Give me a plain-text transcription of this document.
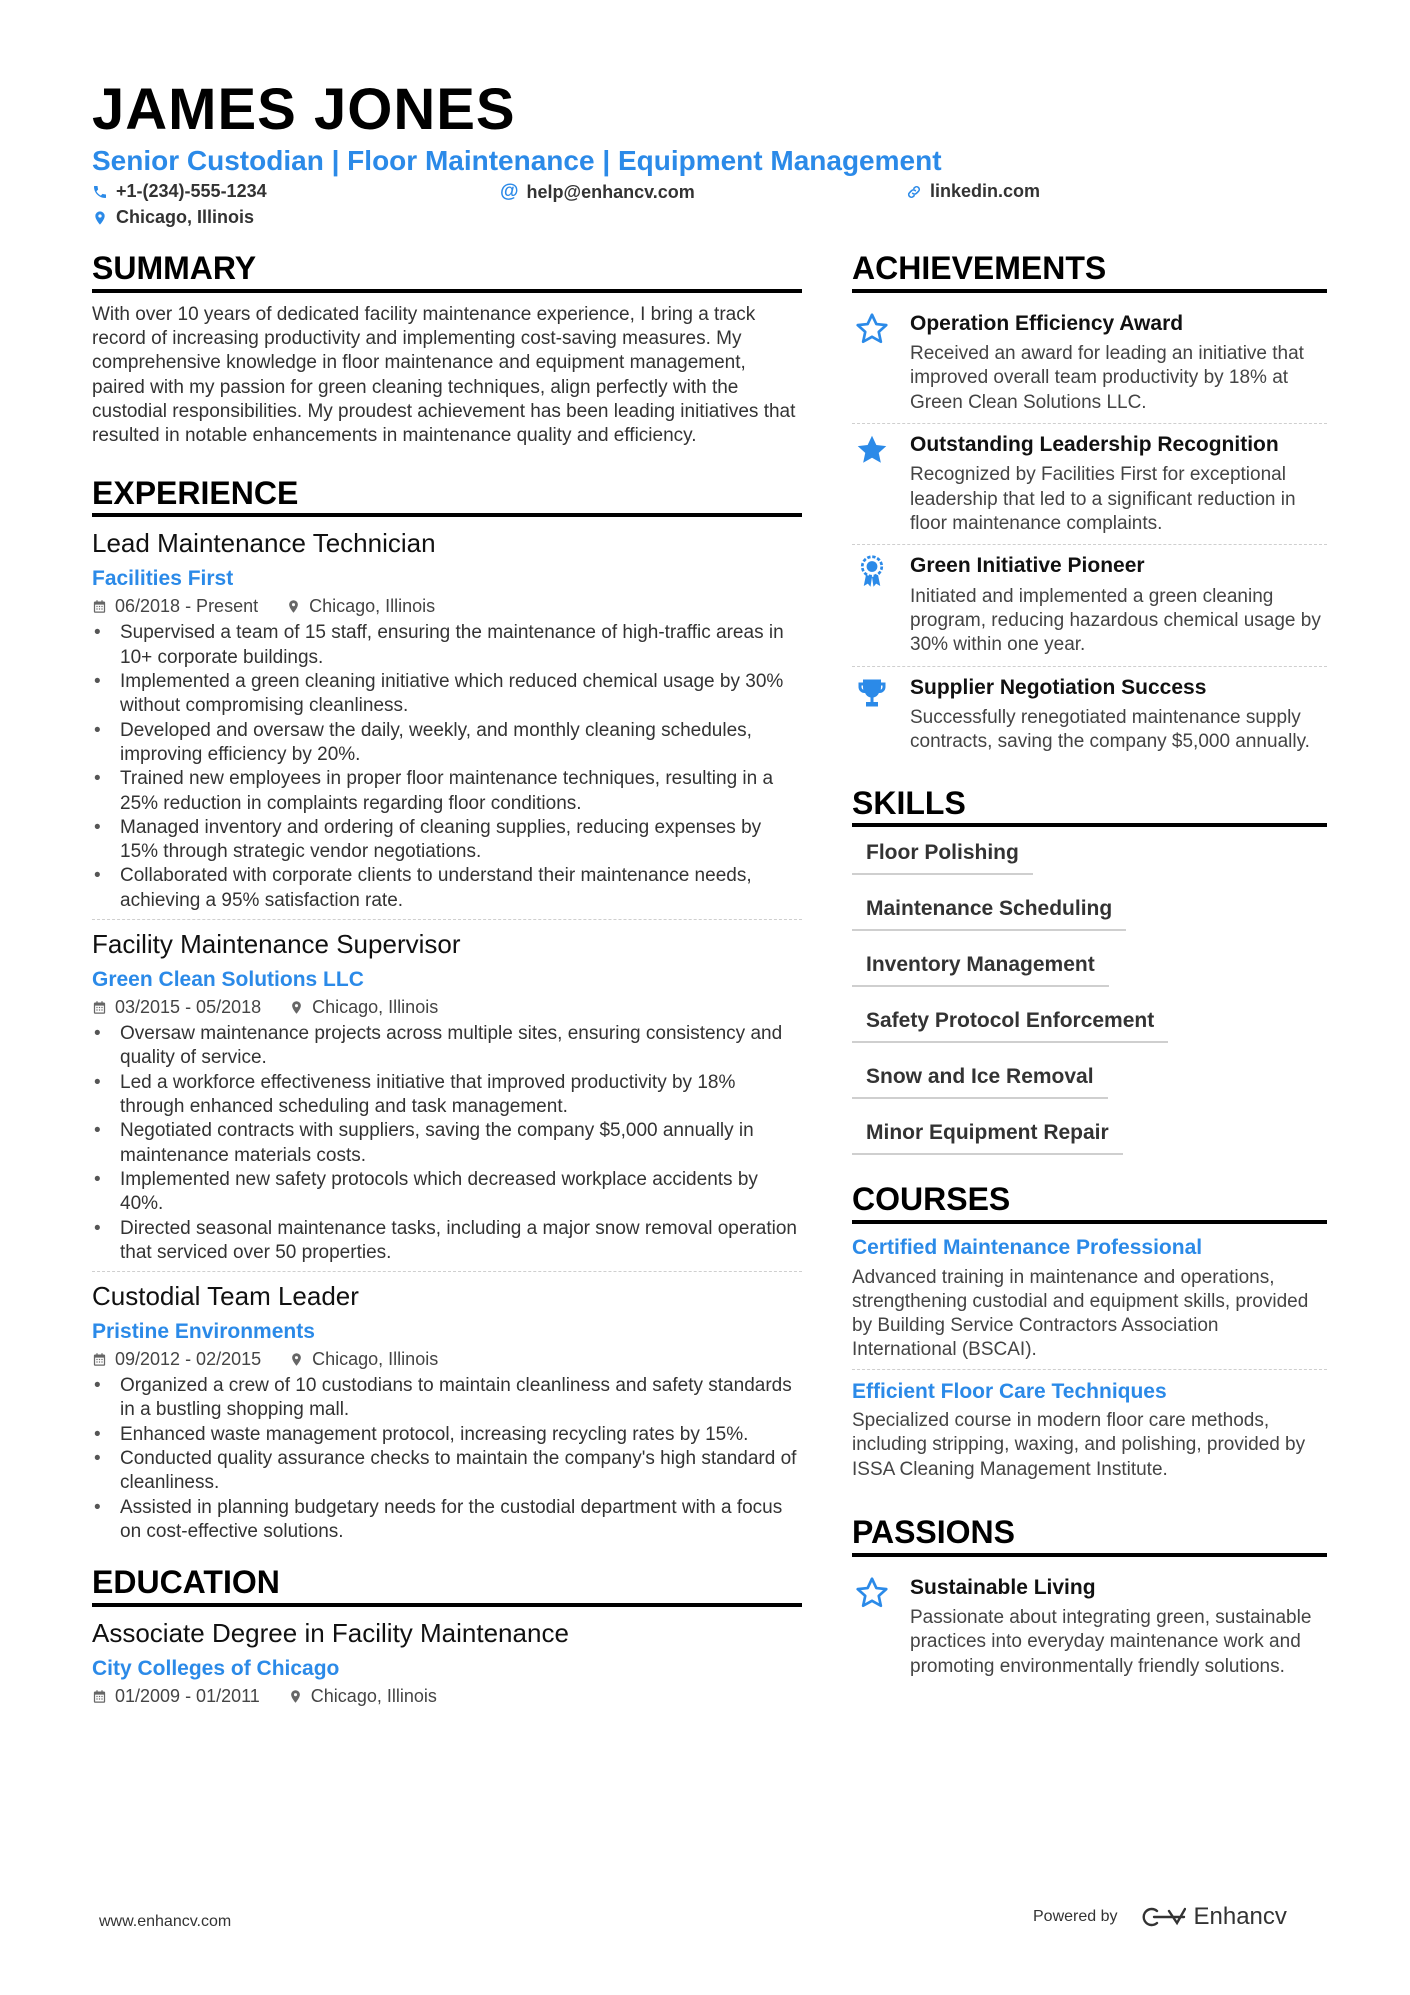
JAMES JONES
Senior Custodian | Floor Maintenance | Equipment Management
+1-(234)-555-1234	@ help@enhancv.com	linkedin.com
Chicago, Illinois
SUMMARY
With over 10 years of dedicated facility maintenance experience, I bring a track record of increasing productivity and implementing cost-saving measures. My comprehensive knowledge in floor maintenance and equipment management, paired with my passion for green cleaning techniques, align perfectly with the custodial responsibilities. My proudest achievement has been leading initiatives that resulted in notable enhancements in maintenance quality and efficiency.
EXPERIENCE
Lead Maintenance Technician
Facilities First
06/2018 - Present	Chicago, Illinois
• Supervised a team of 15 staff, ensuring the maintenance of high-traffic areas in 10+ corporate buildings.
• Implemented a green cleaning initiative which reduced chemical usage by 30% without compromising cleanliness.
• Developed and oversaw the daily, weekly, and monthly cleaning schedules, improving efficiency by 20%.
• Trained new employees in proper floor maintenance techniques, resulting in a 25% reduction in complaints regarding floor conditions.
• Managed inventory and ordering of cleaning supplies, reducing expenses by 15% through strategic vendor negotiations.
• Collaborated with corporate clients to understand their maintenance needs, achieving a 95% satisfaction rate.
Facility Maintenance Supervisor
Green Clean Solutions LLC
03/2015 - 05/2018	Chicago, Illinois
• Oversaw maintenance projects across multiple sites, ensuring consistency and quality of service.
• Led a workforce effectiveness initiative that improved productivity by 18% through enhanced scheduling and task management.
• Negotiated contracts with suppliers, saving the company $5,000 annually in maintenance materials costs.
• Implemented new safety protocols which decreased workplace accidents by 40%.
• Directed seasonal maintenance tasks, including a major snow removal operation that serviced over 50 properties.
Custodial Team Leader
Pristine Environments
09/2012 - 02/2015	Chicago, Illinois
• Organized a crew of 10 custodians to maintain cleanliness and safety standards in a bustling shopping mall.
• Enhanced waste management protocol, increasing recycling rates by 15%.
• Conducted quality assurance checks to maintain the company's high standard of cleanliness.
• Assisted in planning budgetary needs for the custodial department with a focus on cost-effective solutions.
EDUCATION
Associate Degree in Facility Maintenance
City Colleges of Chicago
01/2009 - 01/2011	Chicago, Illinois
ACHIEVEMENTS
Operation Efficiency Award
Received an award for leading an initiative that improved overall team productivity by 18% at Green Clean Solutions LLC.
Outstanding Leadership Recognition
Recognized by Facilities First for exceptional leadership that led to a significant reduction in floor maintenance complaints.
Green Initiative Pioneer
Initiated and implemented a green cleaning program, reducing hazardous chemical usage by 30% within one year.
Supplier Negotiation Success
Successfully renegotiated maintenance supply contracts, saving the company $5,000 annually.
SKILLS
Floor Polishing
Maintenance Scheduling
Inventory Management
Safety Protocol Enforcement
Snow and Ice Removal
Minor Equipment Repair
COURSES
Certified Maintenance Professional
Advanced training in maintenance and operations, strengthening custodial and equipment skills, provided by Building Service Contractors Association International (BSCAI).
Efficient Floor Care Techniques
Specialized course in modern floor care methods, including stripping, waxing, and polishing, provided by ISSA Cleaning Management Institute.
PASSIONS
Sustainable Living
Passionate about integrating green, sustainable practices into everyday maintenance work and promoting environmentally friendly solutions.
www.enhancv.com	Powered by	Enhancv
